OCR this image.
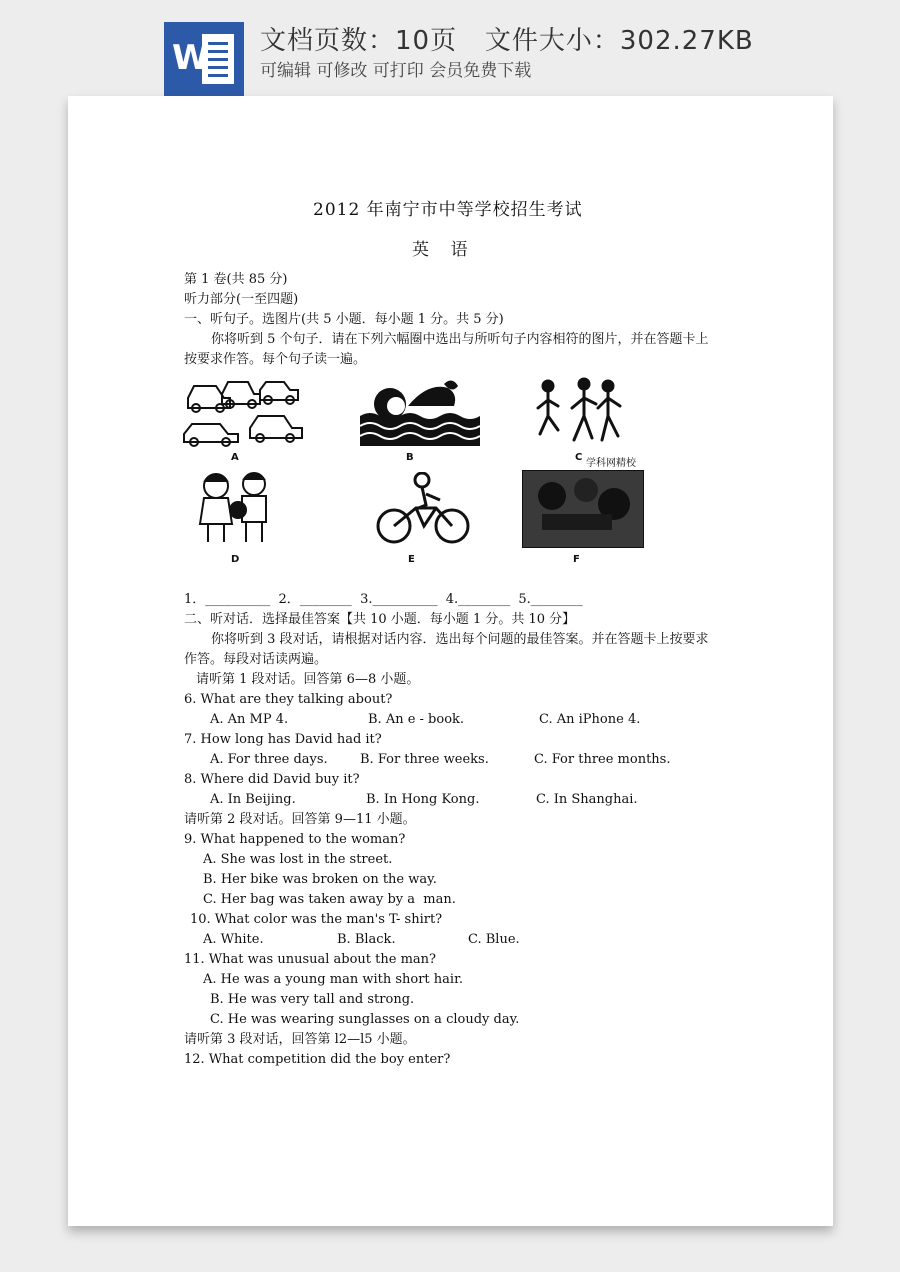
W 文档页数：10页   文件大小：302.27KB
可编辑 可修改 可打印 会员免费下载
2012 年南宁市中等学校招生考试
英    语
第 1 卷(共 85 分)
听力部分(一至四题)
一、听句子。选图片(共 5 小题．每小题 1 分。共 5 分)
你将听到 5 个句子．请在下列六幅圈中选出与所听句子内容相符的图片，并在答题卡上
按要求作答。每个句子读一遍。
A	B	C
学科网精校
D	E	F
1．__________  2．________  3.__________  4.________  5.________
二、听对话．选择最佳答案【共 10 小题．每小题 1 分。共 10 分】
你将听到 3 段对话，请根据对话内容．选出每个问题的最佳答案。并在答题卡上按要求
作答。每段对话读两遍。
请听第 1 段对话。回答第 6—8 小题。
6. What are they talking about?
A. An MP 4.	B. An e - book.	C. An iPhone 4.
7. How long has David had it?
A. For three days. B. For three weeks.	C. For three months.
8. Where did David buy it?
A. In Beijing.	B. In Hong Kong.	C. In Shanghai.
请听第 2 段对话。回答第 9—11 小题。
9. What happened to the woman?
A. She was lost in the street.
B. Her bike was broken on the way.
C. Her bag was taken away by a  man.
10. What color was the man's T- shirt?
A. White.	B. Black.	C. Blue.
11. What was unusual about the man?
A. He was a young man with short hair.
B. He was very tall and strong.
C. He was wearing sunglasses on a cloudy day.
请听第 3 段对话，回答第 l2—l5 小题。
12. What competition did the boy enter?
